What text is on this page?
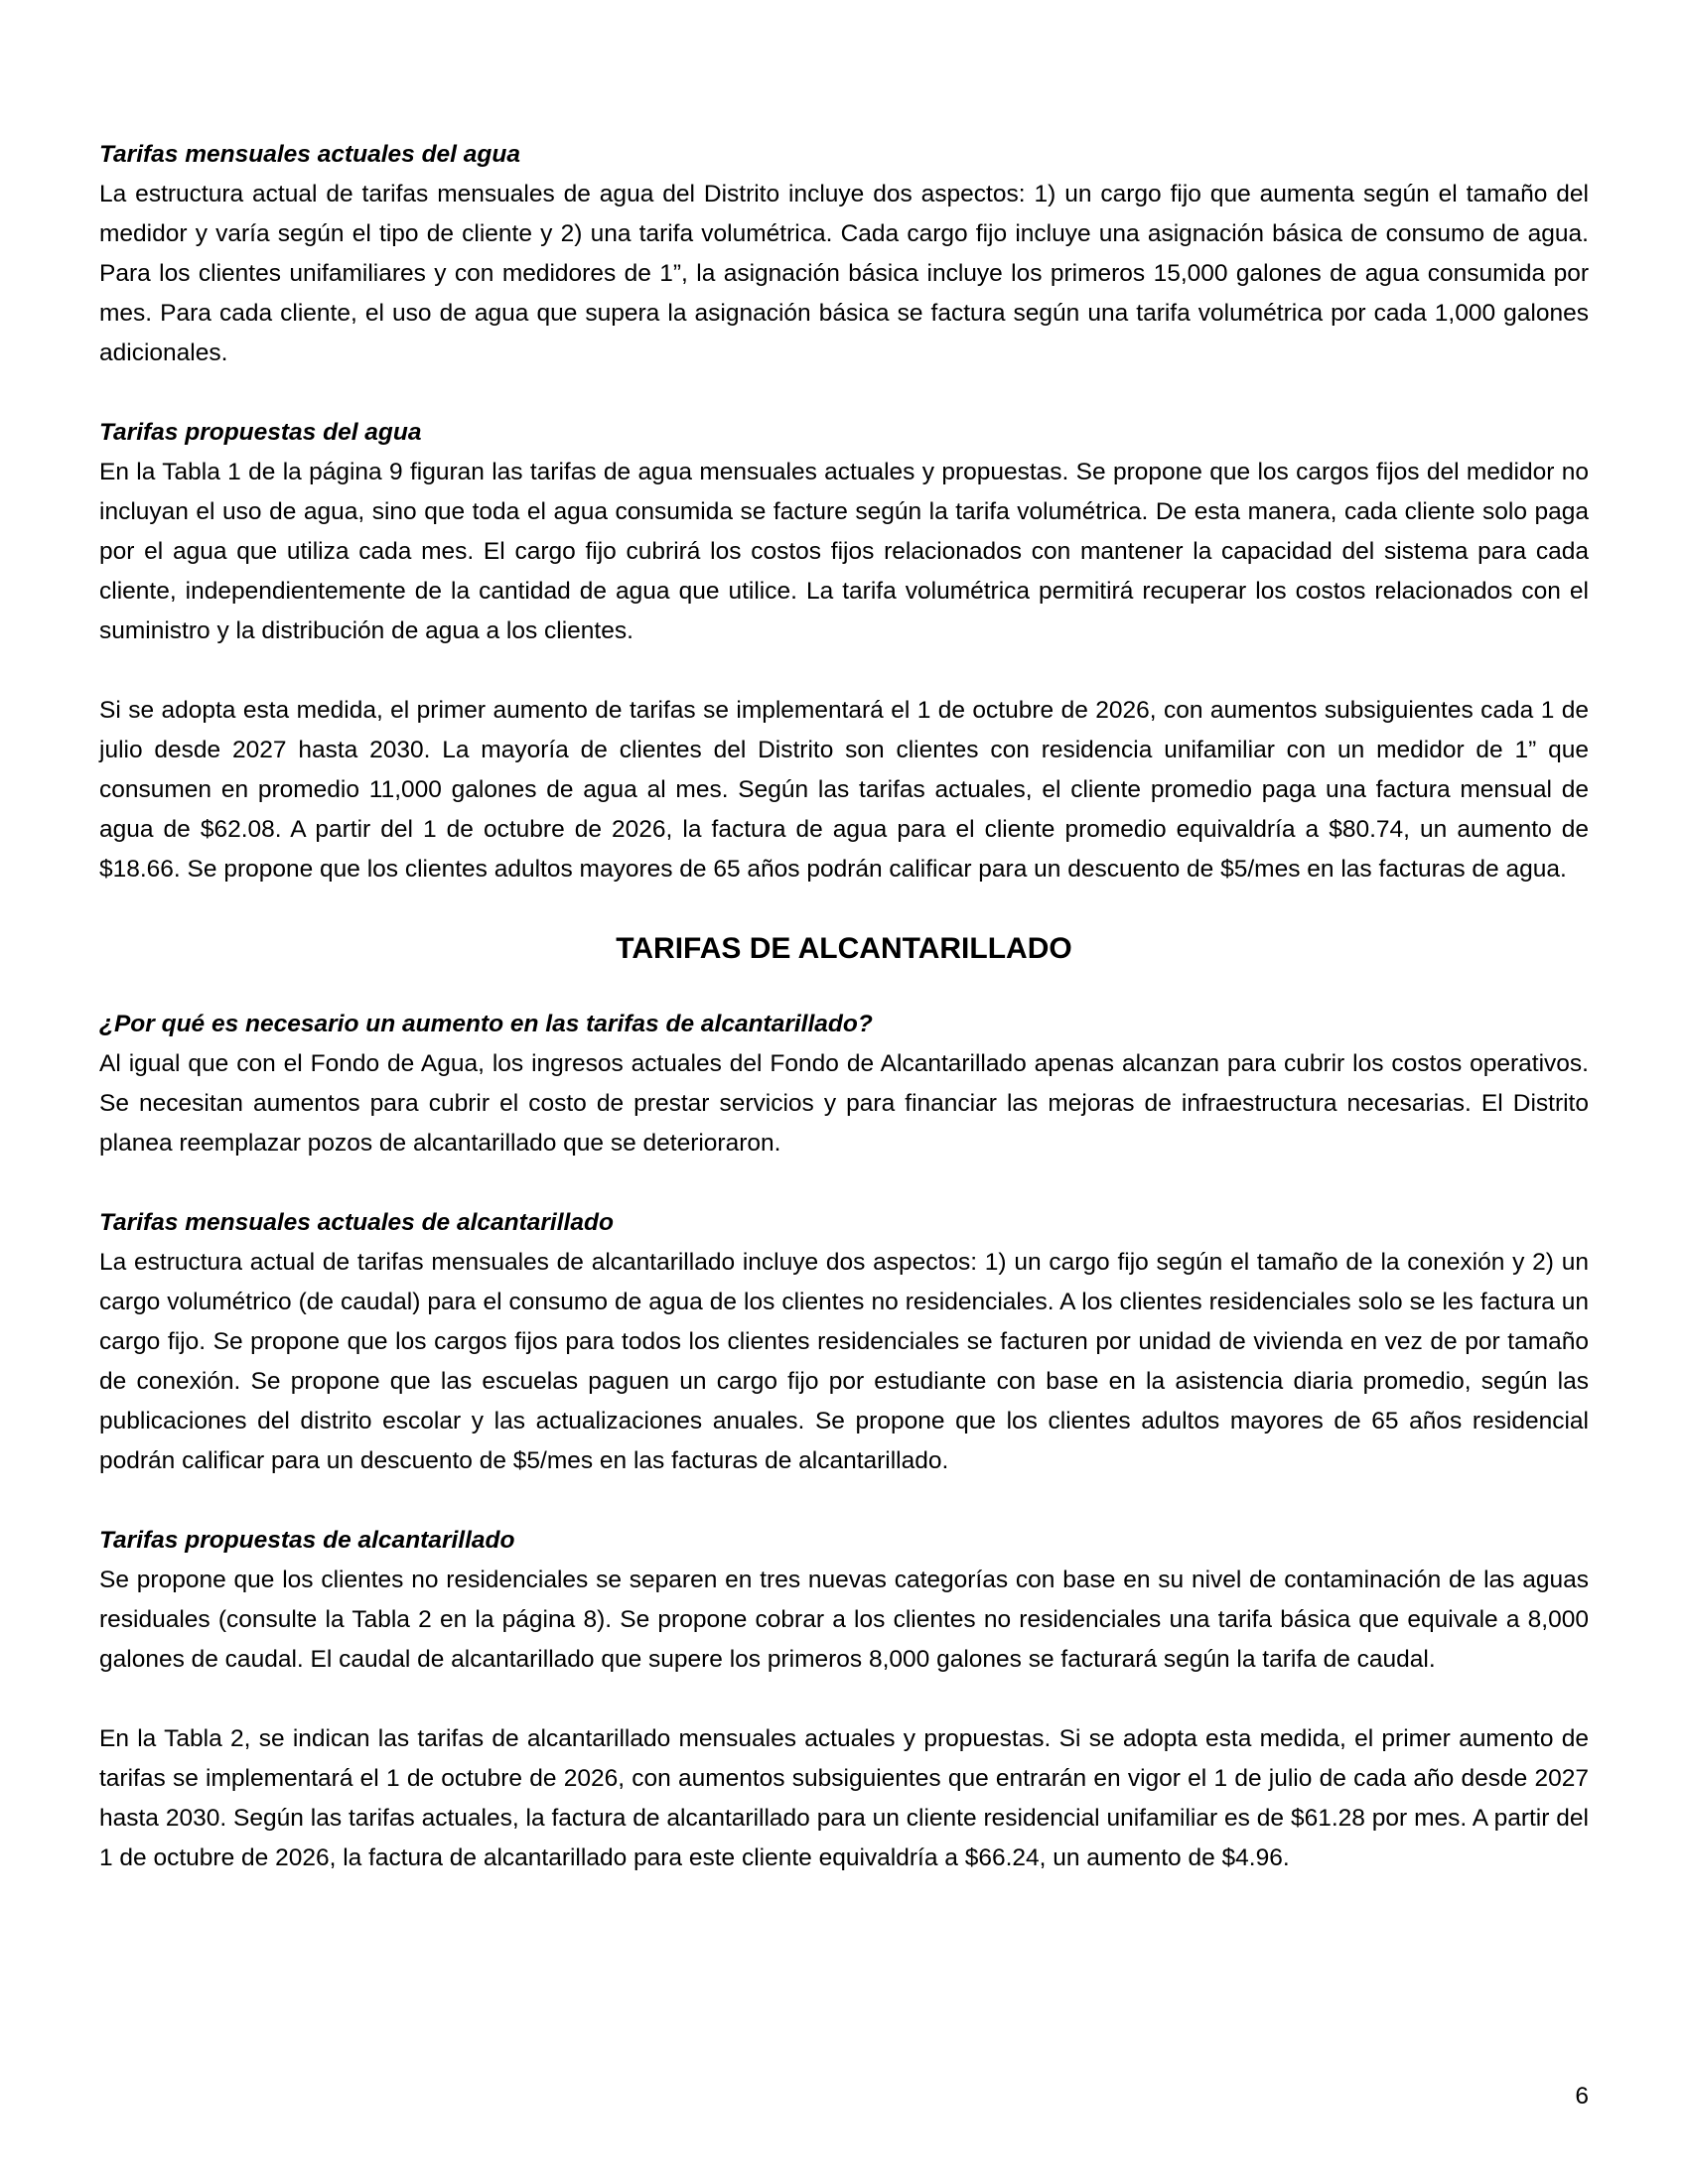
Tarifas mensuales actuales del agua

La estructura actual de tarifas mensuales de agua del Distrito incluye dos aspectos: 1) un cargo fijo que aumenta según el tamaño del medidor y varía según el tipo de cliente y 2) una tarifa volumétrica. Cada cargo fijo incluye una asignación básica de consumo de agua. Para los clientes unifamiliares y con medidores de 1”, la asignación básica incluye los primeros 15,000 galones de agua consumida por mes. Para cada cliente, el uso de agua que supera la asignación básica se factura según una tarifa volumétrica por cada 1,000 galones adicionales.

Tarifas propuestas del agua

En la Tabla 1 de la página 9 figuran las tarifas de agua mensuales actuales y propuestas. Se propone que los cargos fijos del medidor no incluyan el uso de agua, sino que toda el agua consumida se facture según la tarifa volumétrica. De esta manera, cada cliente solo paga por el agua que utiliza cada mes. El cargo fijo cubrirá los costos fijos relacionados con mantener la capacidad del sistema para cada cliente, independientemente de la cantidad de agua que utilice. La tarifa volumétrica permitirá recuperar los costos relacionados con el suministro y la distribución de agua a los clientes.

Si se adopta esta medida, el primer aumento de tarifas se implementará el 1 de octubre de 2026, con aumentos subsiguientes cada 1 de julio desde 2027 hasta 2030. La mayoría de clientes del Distrito son clientes con residencia unifamiliar con un medidor de 1” que consumen en promedio 11,000 galones de agua al mes. Según las tarifas actuales, el cliente promedio paga una factura mensual de agua de $62.08. A partir del 1 de octubre de 2026, la factura de agua para el cliente promedio equivaldría a $80.74, un aumento de $18.66. Se propone que los clientes adultos mayores de 65 años podrán calificar para un descuento de $5/mes en las facturas de agua.

TARIFAS DE ALCANTARILLADO

¿Por qué es necesario un aumento en las tarifas de alcantarillado?

Al igual que con el Fondo de Agua, los ingresos actuales del Fondo de Alcantarillado apenas alcanzan para cubrir los costos operativos. Se necesitan aumentos para cubrir el costo de prestar servicios y para financiar las mejoras de infraestructura necesarias. El Distrito planea reemplazar pozos de alcantarillado que se deterioraron.

Tarifas mensuales actuales de alcantarillado

La estructura actual de tarifas mensuales de alcantarillado incluye dos aspectos: 1) un cargo fijo según el tamaño de la conexión y 2) un cargo volumétrico (de caudal) para el consumo de agua de los clientes no residenciales. A los clientes residenciales solo se les factura un cargo fijo. Se propone que los cargos fijos para todos los clientes residenciales se facturen por unidad de vivienda en vez de por tamaño de conexión. Se propone que las escuelas paguen un cargo fijo por estudiante con base en la asistencia diaria promedio, según las publicaciones del distrito escolar y las actualizaciones anuales. Se propone que los clientes adultos mayores de 65 años residencial podrán calificar para un descuento de $5/mes en las facturas de alcantarillado.

Tarifas propuestas de alcantarillado

Se propone que los clientes no residenciales se separen en tres nuevas categorías con base en su nivel de contaminación de las aguas residuales (consulte la Tabla 2 en la página 8). Se propone cobrar a los clientes no residenciales una tarifa básica que equivale a 8,000 galones de caudal. El caudal de alcantarillado que supere los primeros 8,000 galones se facturará según la tarifa de caudal.

En la Tabla 2, se indican las tarifas de alcantarillado mensuales actuales y propuestas. Si se adopta esta medida, el primer aumento de tarifas se implementará el 1 de octubre de 2026, con aumentos subsiguientes que entrarán en vigor el 1 de julio de cada año desde 2027 hasta 2030. Según las tarifas actuales, la factura de alcantarillado para un cliente residencial unifamiliar es de $61.28 por mes. A partir del 1 de octubre de 2026, la factura de alcantarillado para este cliente equivaldría a $66.24, un aumento de $4.96.

6
